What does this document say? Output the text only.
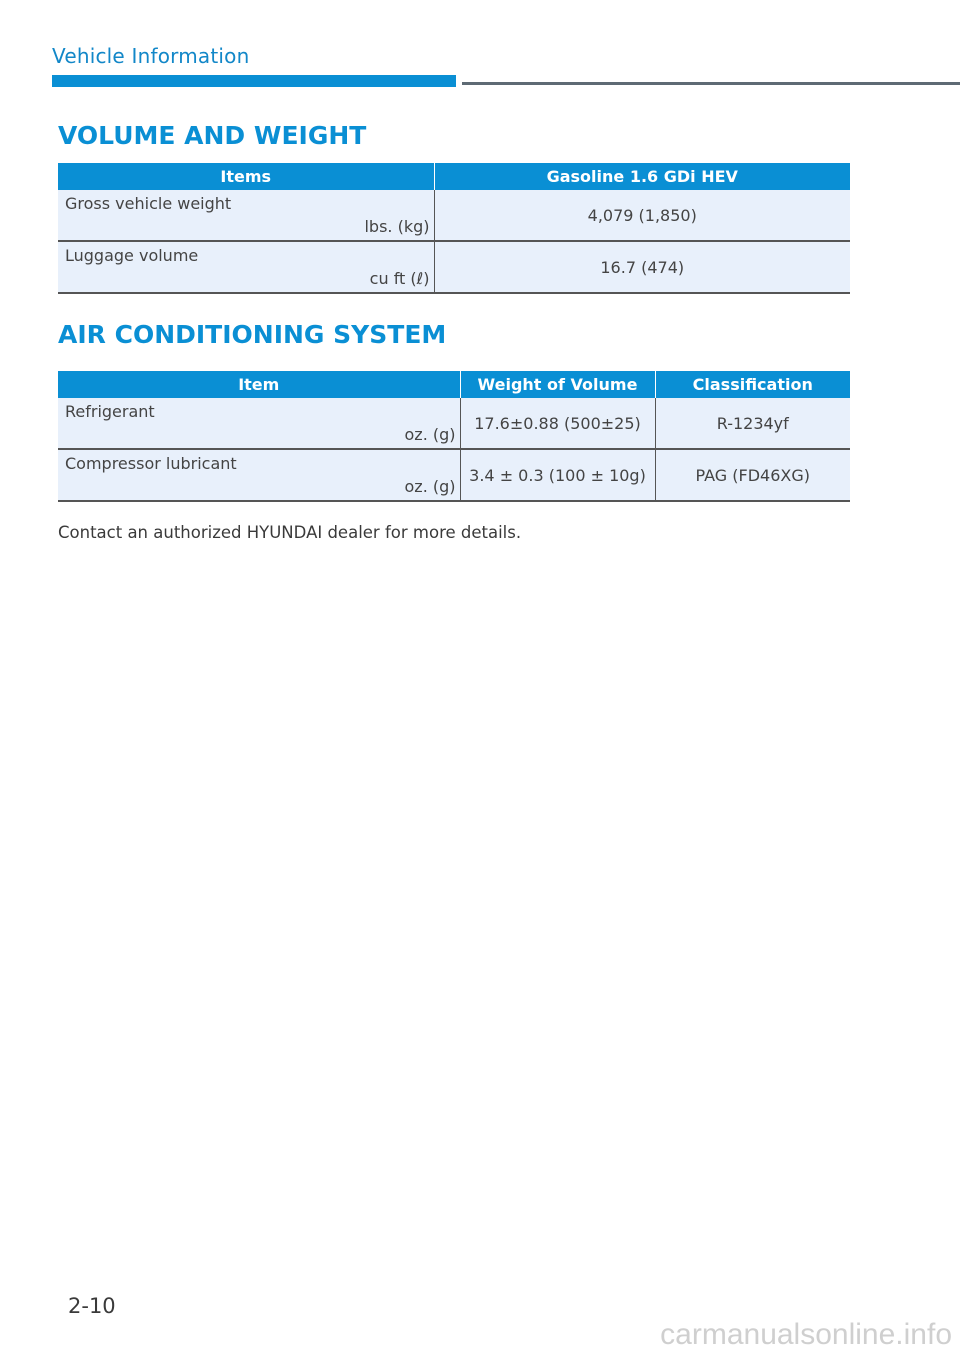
Vehicle Information
VOLUME AND WEIGHT
Items	Gasoline 1.6 GDi HEV

Gross vehicle weight
lbs. (kg)	4,079 (1,850)

Luggage volume
cu ft (ℓ)	16.7 (474)
AIR CONDITIONING SYSTEM
Item	Weight of Volume	Classification

Refrigerant
oz. (g)	17.6±0.88 (500±25)	R-1234yf

Compressor lubricant
oz. (g)	3.4 ± 0.3 (100 ± 10g)	PAG (FD46XG)

Contact an authorized HYUNDAI dealer for more details.

2-10
carmanualsonline.info
